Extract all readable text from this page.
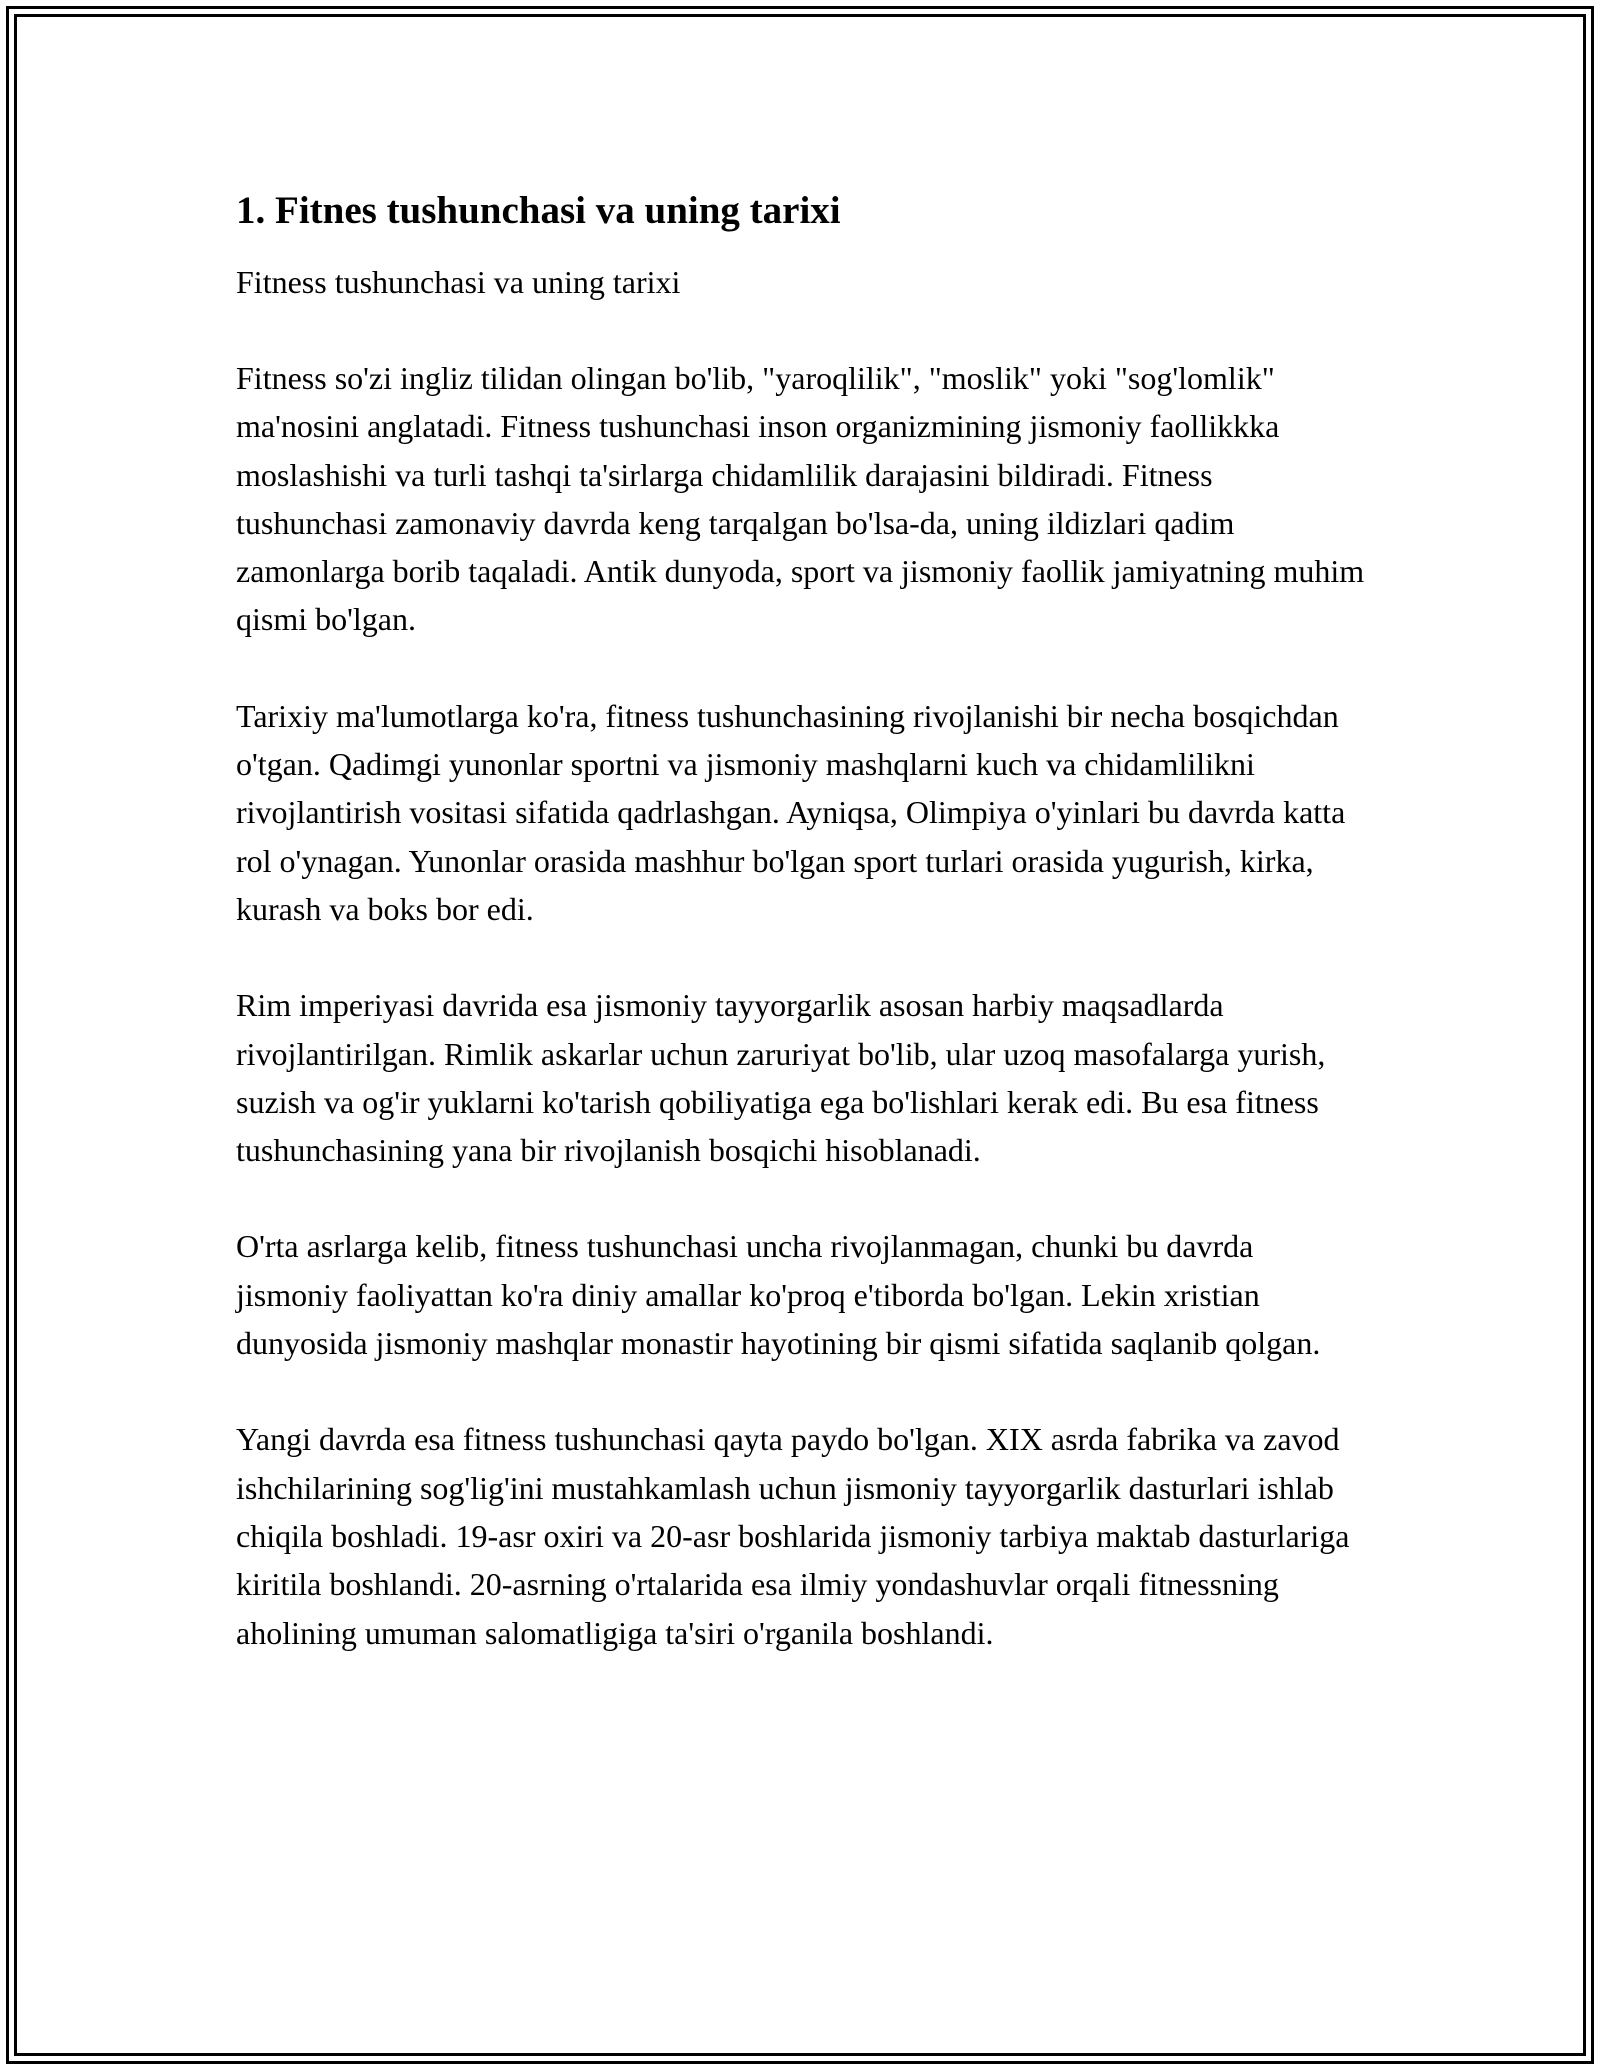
1. Fitnes tushunchasi va uning tarixi

Fitness tushunchasi va uning tarixi

Fitness so'zi ingliz tilidan olingan bo'lib, "yaroqlilik", "moslik" yoki "sog'lomlik" ma'nosini anglatadi. Fitness tushunchasi inson organizmining jismoniy faollikkka moslashishi va turli tashqi ta'sirlarga chidamlilik darajasini bildiradi. Fitness tushunchasi zamonaviy davrda keng tarqalgan bo'lsa-da, uning ildizlari qadim zamonlarga borib taqaladi. Antik dunyoda, sport va jismoniy faollik jamiyatning muhim qismi bo'lgan.

Tarixiy ma'lumotlarga ko'ra, fitness tushunchasining rivojlanishi bir necha bosqichdan o'tgan. Qadimgi yunonlar sportni va jismoniy mashqlarni kuch va chidamlilikni rivojlantirish vositasi sifatida qadrlashgan. Ayniqsa, Olimpiya o'yinlari bu davrda katta rol o'ynagan. Yunonlar orasida mashhur bo'lgan sport turlari orasida yugurish, kirka, kurash va boks bor edi.

Rim imperiyasi davrida esa jismoniy tayyorgarlik asosan harbiy maqsadlarda rivojlantirilgan. Rimlik askarlar uchun zaruriyat bo'lib, ular uzoq masofalarga yurish, suzish va og'ir yuklarni ko'tarish qobiliyatiga ega bo'lishlari kerak edi. Bu esa fitness tushunchasining yana bir rivojlanish bosqichi hisoblanadi.

O'rta asrlarga kelib, fitness tushunchasi uncha rivojlanmagan, chunki bu davrda jismoniy faoliyattan ko'ra diniy amallar ko'proq e'tiborda bo'lgan. Lekin xristian dunyosida jismoniy mashqlar monastir hayotining bir qismi sifatida saqlanib qolgan.

Yangi davrda esa fitness tushunchasi qayta paydo bo'lgan. XIX asrda fabrika va zavod ishchilarining sog'lig'ini mustahkamlash uchun jismoniy tayyorgarlik dasturlari ishlab chiqila boshladi. 19-asr oxiri va 20-asr boshlarida jismoniy tarbiya maktab dasturlariga kiritila boshlandi. 20-asrning o'rtalarida esa ilmiy yondashuvlar orqali fitnessning aholining umuman salomatligiga ta'siri o'rganila boshlandi.
